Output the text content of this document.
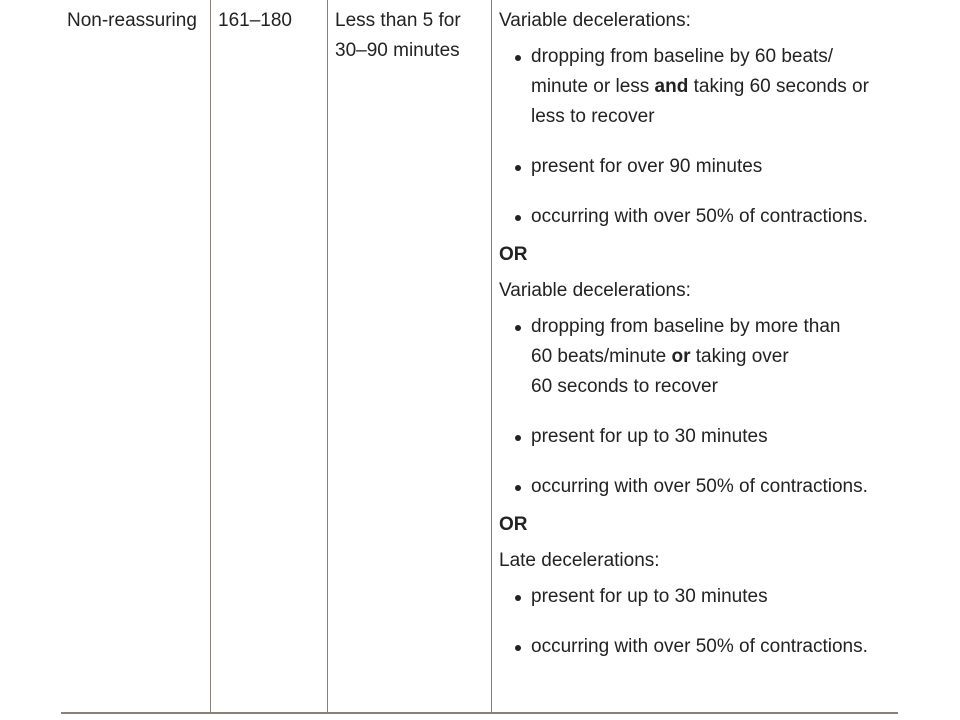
Non-reassuring 161–180 Less than 5 for
30–90 minutes
Variable decelerations:
dropping from baseline by 60 beats/
minute or less and taking 60 seconds or
less to recover
present for over 90 minutes
occurring with over 50% of contractions.
OR
Variable decelerations:
dropping from baseline by more than
60 beats/minute or taking over
60 seconds to recover
present for up to 30 minutes
occurring with over 50% of contractions.
OR
Late decelerations:
present for up to 30 minutes
occurring with over 50% of contractions.
